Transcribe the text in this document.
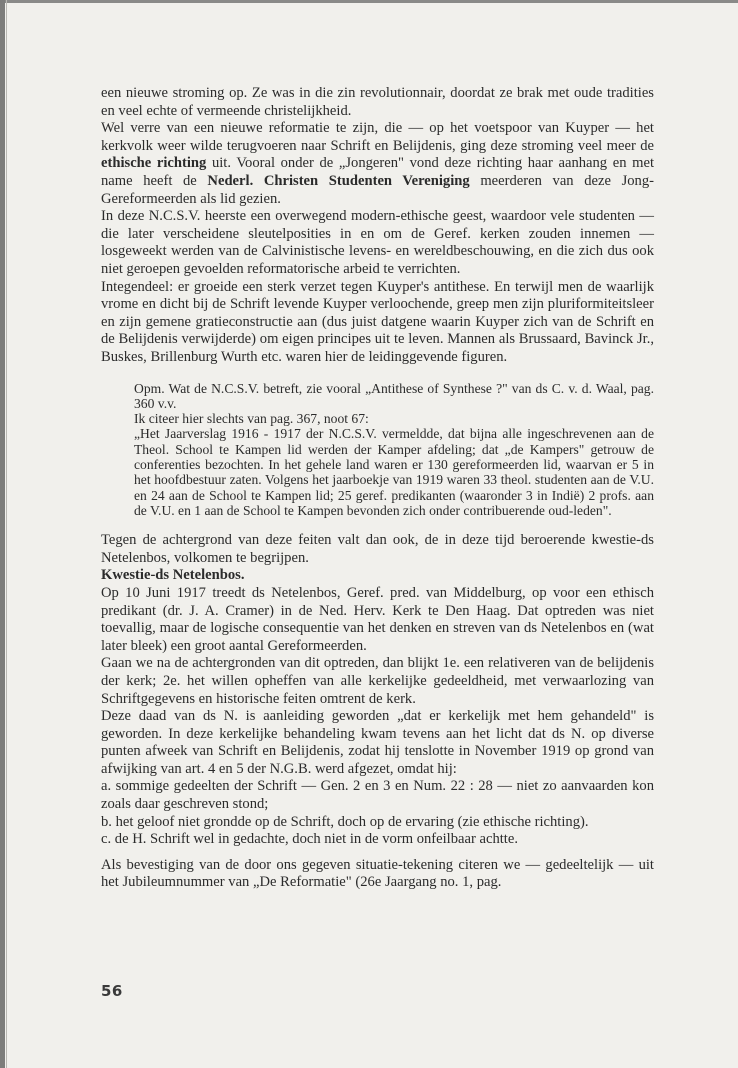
een nieuwe stroming op. Ze was in die zin revolutionnair, doordat ze brak met oude tradities en veel echte of vermeende christelijkheid.

Wel verre van een nieuwe reformatie te zijn, die — op het voetspoor van Kuyper — het kerkvolk weer wilde terugvoeren naar Schrift en Belijdenis, ging deze stroming veel meer de ethische richting uit. Vooral onder de „Jongeren" vond deze richting haar aanhang en met name heeft de Nederl. Christen Studenten Vereniging meerderen van deze Jong-Gereformeerden als lid gezien.

In deze N.C.S.V. heerste een overwegend modern-ethische geest, waardoor vele studenten — die later verscheidene sleutelposities in en om de Geref. kerken zouden innemen — losgeweekt werden van de Calvinistische levens- en wereldbeschouwing, en die zich dus ook niet geroepen gevoelden reformatorische arbeid te verrichten.

Integendeel: er groeide een sterk verzet tegen Kuyper's antithese. En terwijl men de waarlijk vrome en dicht bij de Schrift levende Kuyper verloochende, greep men zijn pluriformiteitsleer en zijn gemene gratieconstructie aan (dus juist datgene waarin Kuyper zich van de Schrift en de Belijdenis verwijderde) om eigen principes uit te leven. Mannen als Brussaard, Bavinck Jr., Buskes, Brillenburg Wurth etc. waren hier de leidinggevende figuren.

Opm. Wat de N.C.S.V. betreft, zie vooral „Antithese of Synthese ?" van ds C. v. d. Waal, pag. 360 v.v.

Ik citeer hier slechts van pag. 367, noot 67:

„Het Jaarverslag 1916 - 1917 der N.C.S.V. vermeldde, dat bijna alle ingeschrevenen aan de Theol. School te Kampen lid werden der Kamper afdeling; dat „de Kampers" getrouw de conferenties bezochten. In het gehele land waren er 130 gereformeerden lid, waarvan er 5 in het hoofdbestuur zaten. Volgens het jaarboekje van 1919 waren 33 theol. studenten aan de V.U. en 24 aan de School te Kampen lid; 25 geref. predikanten (waaronder 3 in Indië) 2 profs. aan de V.U. en 1 aan de School te Kampen bevonden zich onder contribuerende oud-leden".

Tegen de achtergrond van deze feiten valt dan ook, de in deze tijd beroerende kwestie-ds Netelenbos, volkomen te begrijpen.

Kwestie-ds Netelenbos.

Op 10 Juni 1917 treedt ds Netelenbos, Geref. pred. van Middelburg, op voor een ethisch predikant (dr. J. A. Cramer) in de Ned. Herv. Kerk te Den Haag. Dat optreden was niet toevallig, maar de logische consequentie van het denken en streven van ds Netelenbos en (wat later bleek) een groot aantal Gereformeerden.

Gaan we na de achtergronden van dit optreden, dan blijkt 1e. een relativeren van de belijdenis der kerk; 2e. het willen opheffen van alle kerkelijke gedeeldheid, met verwaarlozing van Schriftgegevens en historische feiten omtrent de kerk.

Deze daad van ds N. is aanleiding geworden „dat er kerkelijk met hem gehandeld" is geworden. In deze kerkelijke behandeling kwam tevens aan het licht dat ds N. op diverse punten afweek van Schrift en Belijdenis, zodat hij tenslotte in November 1919 op grond van afwijking van art. 4 en 5 der N.G.B. werd afgezet, omdat hij:

a. sommige gedeelten der Schrift — Gen. 2 en 3 en Num. 22 : 28 — niet zo aanvaarden kon zoals daar geschreven stond;

b. het geloof niet grondde op de Schrift, doch op de ervaring (zie ethische richting).

c. de H. Schrift wel in gedachte, doch niet in de vorm onfeilbaar achtte.

Als bevestiging van de door ons gegeven situatie-tekening citeren we — gedeeltelijk — uit het Jubileumnummer van „De Reformatie" (26e Jaargang no. 1, pag.

56
